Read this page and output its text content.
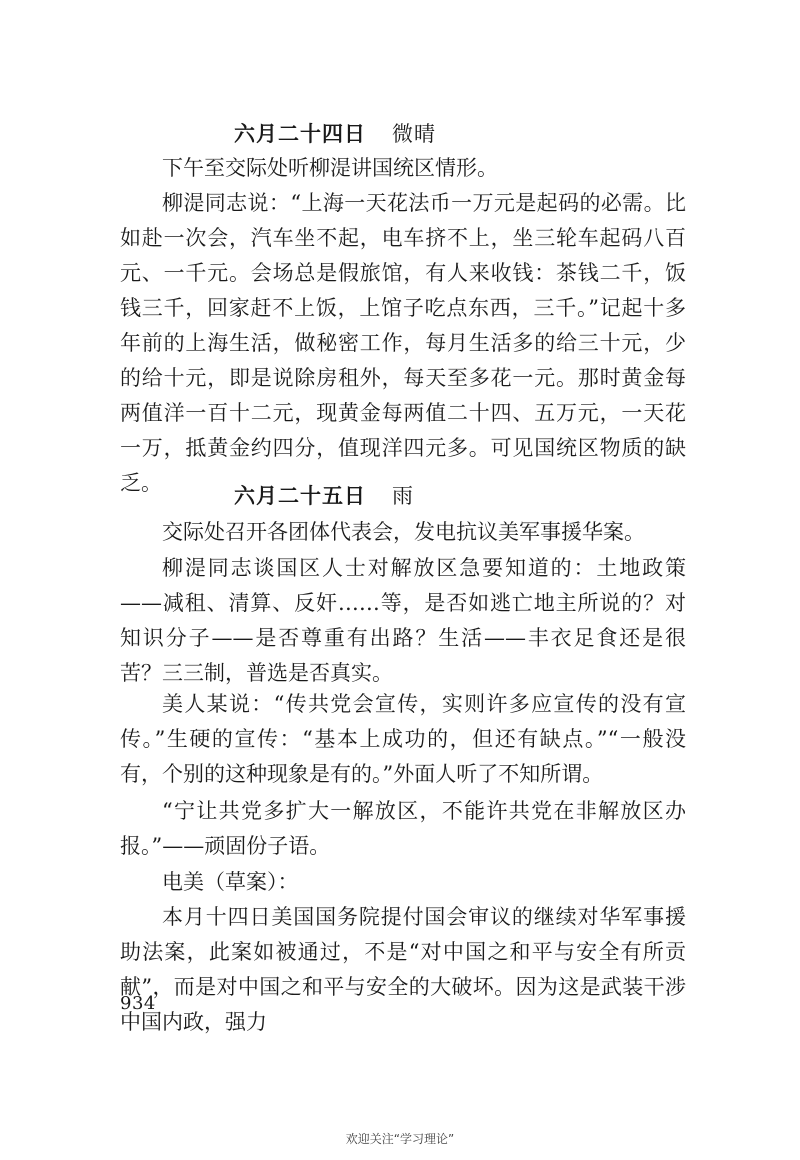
六月二十四日 微晴

下午至交际处听柳湜讲国统区情形。

柳湜同志说：“上海一天花法币一万元是起码的必需。比如赴一次会，汽车坐不起，电车挤不上，坐三轮车起码八百元、一千元。会场总是假旅馆，有人来收钱：茶钱二千，饭钱三千，回家赶不上饭，上馆子吃点东西，三千。”记起十多年前的上海生活，做秘密工作，每月生活多的给三十元，少的给十元，即是说除房租外，每天至多花一元。那时黄金每两值洋一百十二元，现黄金每两值二十四、五万元，一天花一万，抵黄金约四分，值现洋四元多。可见国统区物质的缺乏。	六月二十五日 雨

交际处召开各团体代表会，发电抗议美军事援华案。

柳湜同志谈国区人士对解放区急要知道的：土地政策——减租、清算、反奸……等，是否如逃亡地主所说的？对知识分子——是否尊重有出路？生活——丰衣足食还是很苦？三三制，普选是否真实。

美人某说：“传共党会宣传，实则许多应宣传的没有宣传。”生硬的宣传：“基本上成功的，但还有缺点。”“一般没有，个别的这种现象是有的。”外面人听了不知所谓。

“宁让共党多扩大一解放区，不能许共党在非解放区办报。”——顽固份子语。

电美（草案）：

本月十四日美国国务院提付国会审议的继续对华军事援助法案，此案如被通过，不是“对中国之和平与安全有所贡献”，而是对中国之和平与安全的大破坏。因为这是武装干涉中国内政，强力

934
欢迎关注“学习理论”
